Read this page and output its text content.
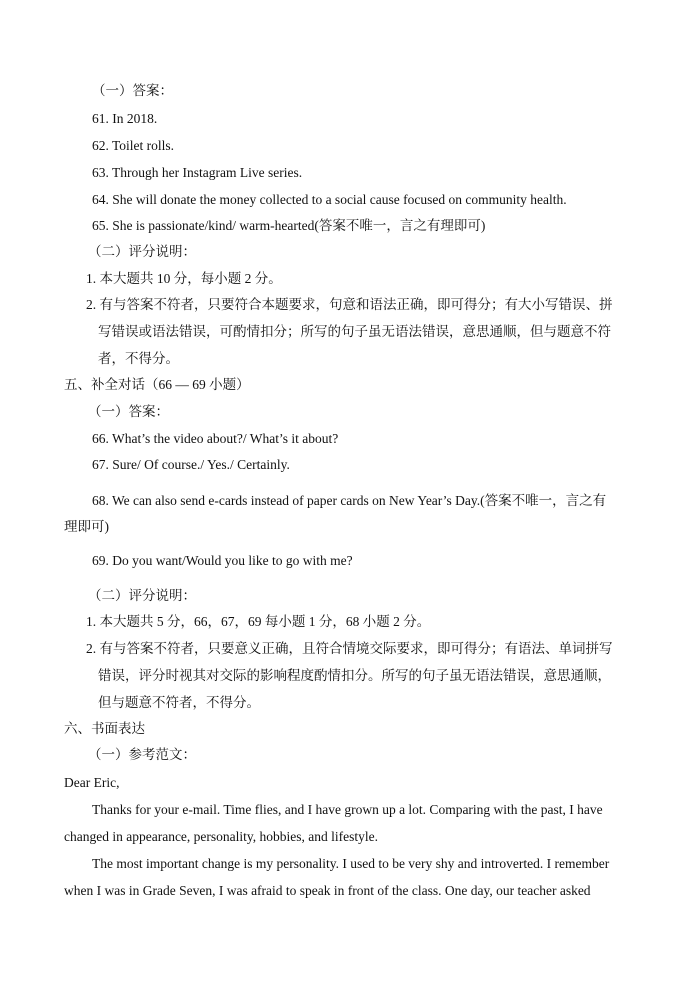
（一）答案：
61. In 2018.
62. Toilet rolls.
63. Through her Instagram Live series.
64. She will donate the money collected to a social cause focused on community health.
65. She is passionate/kind/ warm-hearted(答案不唯一，言之有理即可)
（二）评分说明：
1. 本大题共 10 分，每小题 2 分。
2. 有与答案不符者，只要符合本题要求，句意和语法正确，即可得分；有大小写错误、拼
写错误或语法错误，可酌情扣分；所写的句子虽无语法错误，意思通顺，但与题意不符
者，不得分。
五、补全对话（66 — 69 小题）
（一）答案：
66. What’s the video about?/ What’s it about?
67. Sure/ Of course./ Yes./ Certainly.
68. We can also send e-cards instead of paper cards on New Year’s Day.(答案不唯一，言之有
理即可)
69. Do you want/Would you like to go with me?
（二）评分说明：
1. 本大题共 5 分，66，67，69 每小题 1 分，68 小题 2 分。
2. 有与答案不符者，只要意义正确，且符合情境交际要求，即可得分；有语法、单词拼写
错误，评分时视其对交际的影响程度酌情扣分。所写的句子虽无语法错误，意思通顺，
但与题意不符者，不得分。
六、书面表达
（一）参考范文：
Dear Eric,
Thanks for your e-mail. Time flies, and I have grown up a lot. Comparing with the past, I have
changed in appearance, personality, hobbies, and lifestyle.
The most important change is my personality. I used to be very shy and introverted. I remember
when I was in Grade Seven, I was afraid to speak in front of the class. One day, our teacher asked
